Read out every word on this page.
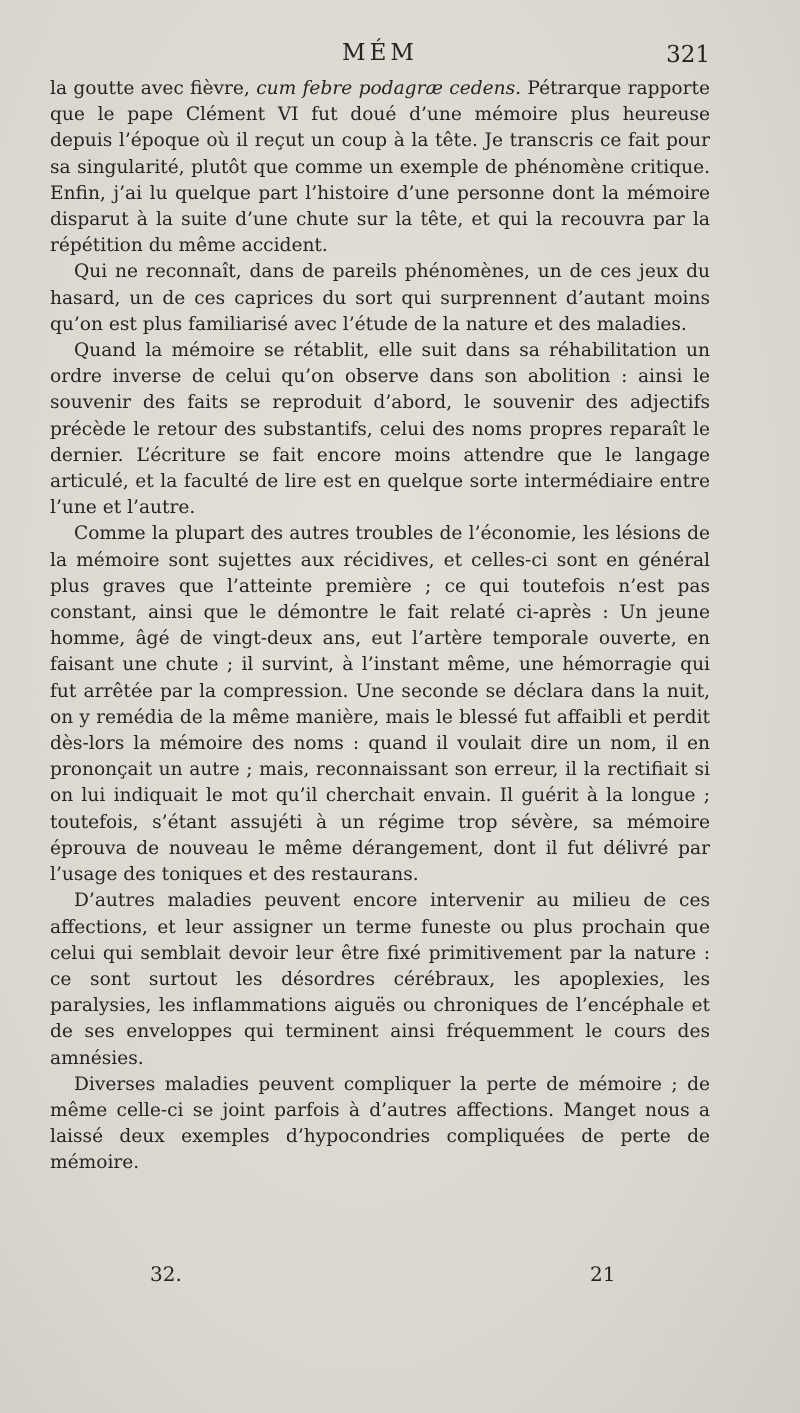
MÉM	321

la goutte avec fièvre, cum febre podagræ cedens. Pétrarque rapporte que le pape Clément VI fut doué d’une mémoire plus heureuse depuis l’époque où il reçut un coup à la tête. Je transcris ce fait pour sa singularité, plutôt que comme un exemple de phénomène critique. Enfin, j’ai lu quelque part l’histoire d’une personne dont la mémoire disparut à la suite d’une chute sur la tête, et qui la recouvra par la répétition du même accident.

Qui ne reconnaît, dans de pareils phénomènes, un de ces jeux du hasard, un de ces caprices du sort qui surprennent d’autant moins qu’on est plus familiarisé avec l’étude de la nature et des maladies.

Quand la mémoire se rétablit, elle suit dans sa réhabilitation un ordre inverse de celui qu’on observe dans son abolition : ainsi le souvenir des faits se reproduit d’abord, le souvenir des adjectifs précède le retour des substantifs, celui des noms propres reparaît le dernier. L’écriture se fait encore moins attendre que le langage articulé, et la faculté de lire est en quelque sorte intermédiaire entre l’une et l’autre.

Comme la plupart des autres troubles de l’économie, les lésions de la mémoire sont sujettes aux récidives, et celles-ci sont en général plus graves que l’atteinte première ; ce qui toutefois n’est pas constant, ainsi que le démontre le fait relaté ci-après : Un jeune homme, âgé de vingt-deux ans, eut l’artère temporale ouverte, en faisant une chute ; il survint, à l’instant même, une hémorragie qui fut arrêtée par la compression. Une seconde se déclara dans la nuit, on y remédia de la même manière, mais le blessé fut affaibli et perdit dès-lors la mémoire des noms : quand il voulait dire un nom, il en prononçait un autre ; mais, reconnaissant son erreur, il la rectifiait si on lui indiquait le mot qu’il cherchait envain. Il guérit à la longue ; toutefois, s’étant assujéti à un régime trop sévère, sa mémoire éprouva de nouveau le même dérangement, dont il fut délivré par l’usage des toniques et des restaurans.

D’autres maladies peuvent encore intervenir au milieu de ces affections, et leur assigner un terme funeste ou plus prochain que celui qui semblait devoir leur être fixé primitivement par la nature : ce sont surtout les désordres cérébraux, les apoplexies, les paralysies, les inflammations aiguës ou chroniques de l’encéphale et de ses enveloppes qui terminent ainsi fréquemment le cours des amnésies.

Diverses maladies peuvent compliquer la perte de mémoire ; de même celle-ci se joint parfois à d’autres affections. Manget nous a laissé deux exemples d’hypocondries compliquées de perte de mémoire.

32.	21
